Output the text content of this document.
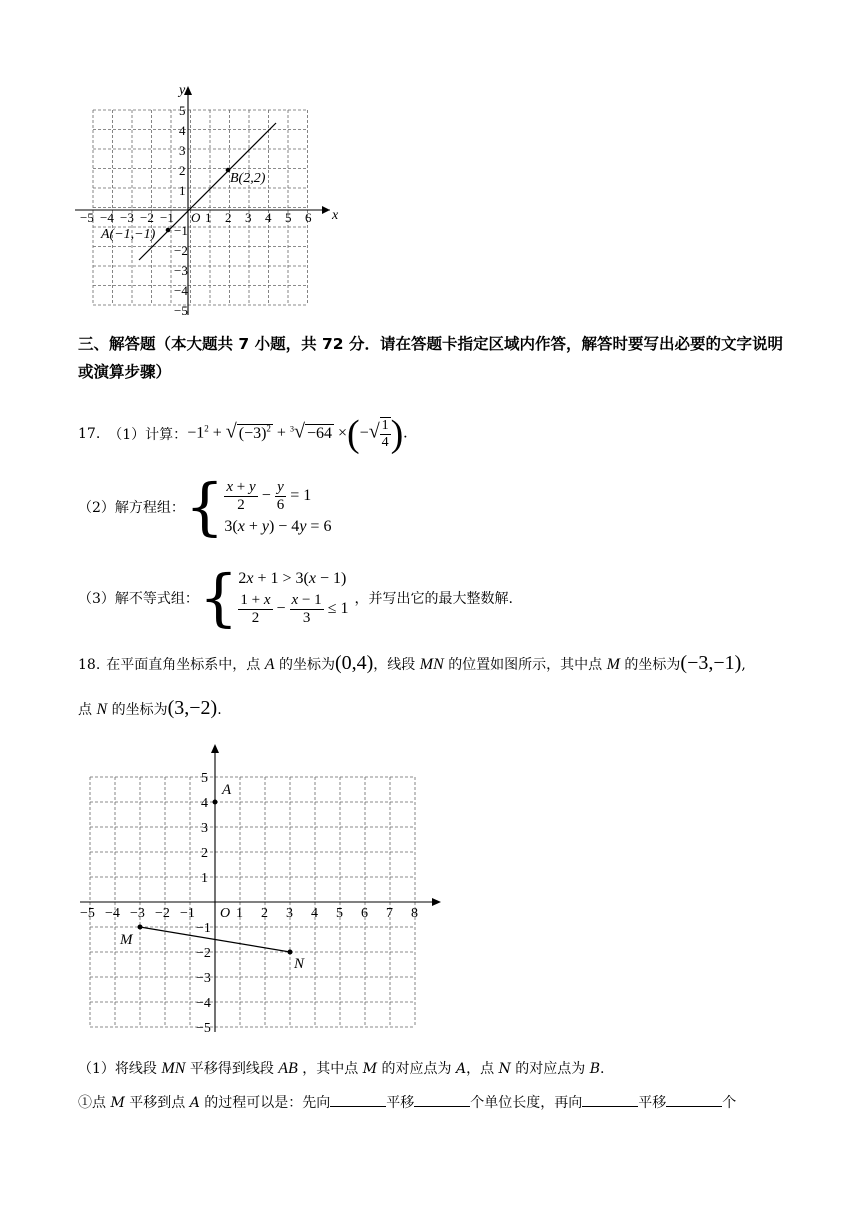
x
y
O
−5 −4 −3 −2 −1 1 2 3 4 5 6
5
4
3
2
1
−1
−2
−3
−4
−5
A(−1,−1)
B(2,2)
三、解答题（本大题共 7 小题，共 72 分．请在答题卡指定区域内作答，解答时要写出必要的文字说明或演算步骤）
17. （1）计算： $-1^2$ + √ $(-3)^2 + ^3√ -64$ ×(−√ $\frac{1}{4}$ ).
（2）解方程组： { $\frac{x + y}{2} - \frac{y}{6} = 1$
3(x + y) − 4y = 6
（3）解不等式组： { 2x + 1 > 3(x − 1)
$\frac{1 + x}{2} - \frac{x - 1}{3} \le 1$
，并写出它的最大整数解.
18. 在平面直角坐标系中，点 A 的坐标为(0,4)，线段 MN 的位置如图所示，其中点 M 的坐标为(−3,−1),
点 N 的坐标为(3,−2).
A
M
N
O
−5 −4 −3 −2 −1	1 2 3 4 5 6 7 8
5
4
3
2
1
−1
−2
−3
−4
−5
（1）将线段 MN 平移得到线段 AB ，其中点 M 的对应点为 A，点 N 的对应点为 B.
①点 M 平移到点 A 的过程可以是：先向	平移	个单位长度，再向	平移	个
